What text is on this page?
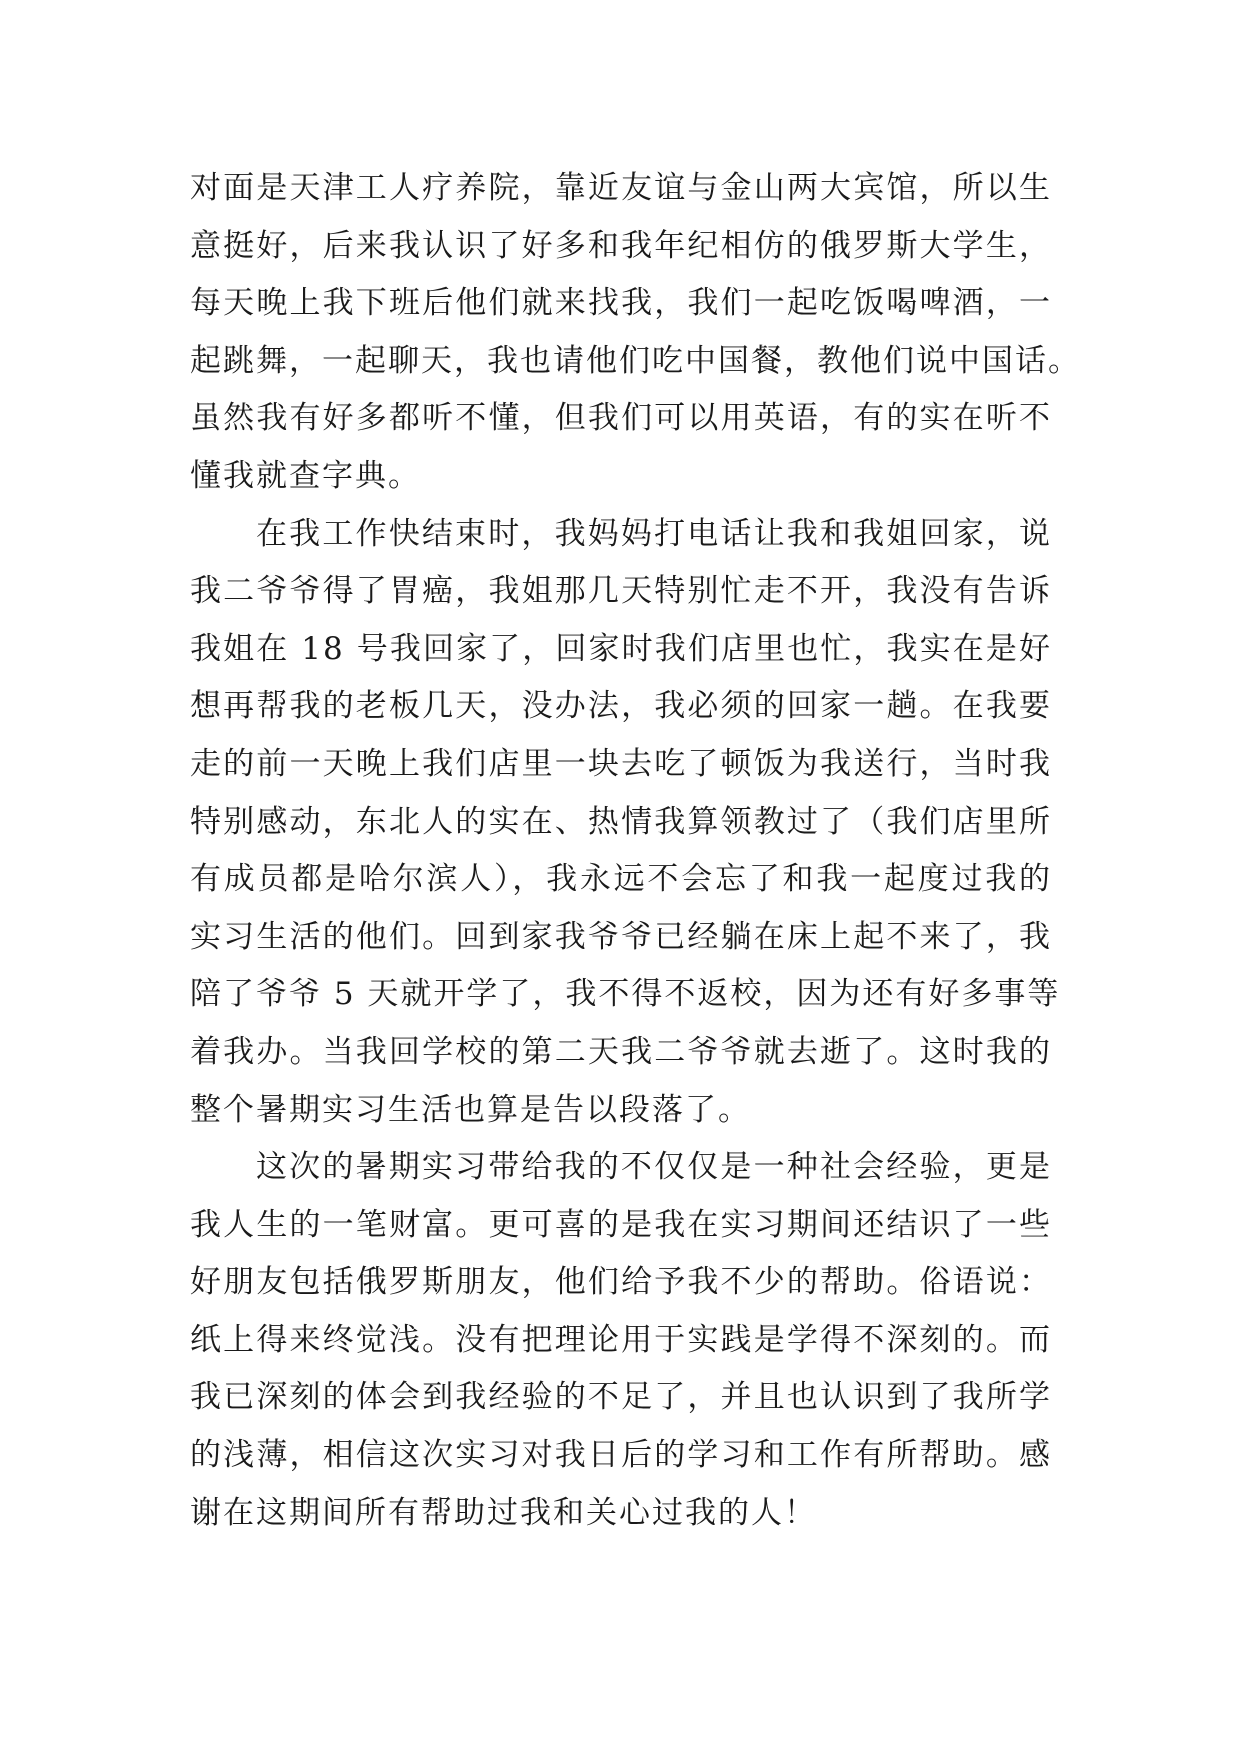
对面是天津工人疗养院，靠近友谊与金山两大宾馆，所以生
意挺好，后来我认识了好多和我年纪相仿的俄罗斯大学生，
每天晚上我下班后他们就来找我，我们一起吃饭喝啤酒，一
起跳舞，一起聊天，我也请他们吃中国餐，教他们说中国话。
虽然我有好多都听不懂，但我们可以用英语，有的实在听不
懂我就查字典。
在我工作快结束时，我妈妈打电话让我和我姐回家，说
我二爷爷得了胃癌，我姐那几天特别忙走不开，我没有告诉
我姐在 18 号我回家了，回家时我们店里也忙，我实在是好
想再帮我的老板几天，没办法，我必须的回家一趟。在我要
走的前一天晚上我们店里一块去吃了顿饭为我送行，当时我
特别感动，东北人的实在、热情我算领教过了（我们店里所
有成员都是哈尔滨人），我永远不会忘了和我一起度过我的
实习生活的他们。回到家我爷爷已经躺在床上起不来了，我
陪了爷爷 5 天就开学了，我不得不返校，因为还有好多事等
着我办。当我回学校的第二天我二爷爷就去逝了。这时我的
整个暑期实习生活也算是告以段落了。
这次的暑期实习带给我的不仅仅是一种社会经验，更是
我人生的一笔财富。更可喜的是我在实习期间还结识了一些
好朋友包括俄罗斯朋友，他们给予我不少的帮助。俗语说：
纸上得来终觉浅。没有把理论用于实践是学得不深刻的。而
我已深刻的体会到我经验的不足了，并且也认识到了我所学
的浅薄，相信这次实习对我日后的学习和工作有所帮助。感
谢在这期间所有帮助过我和关心过我的人！
